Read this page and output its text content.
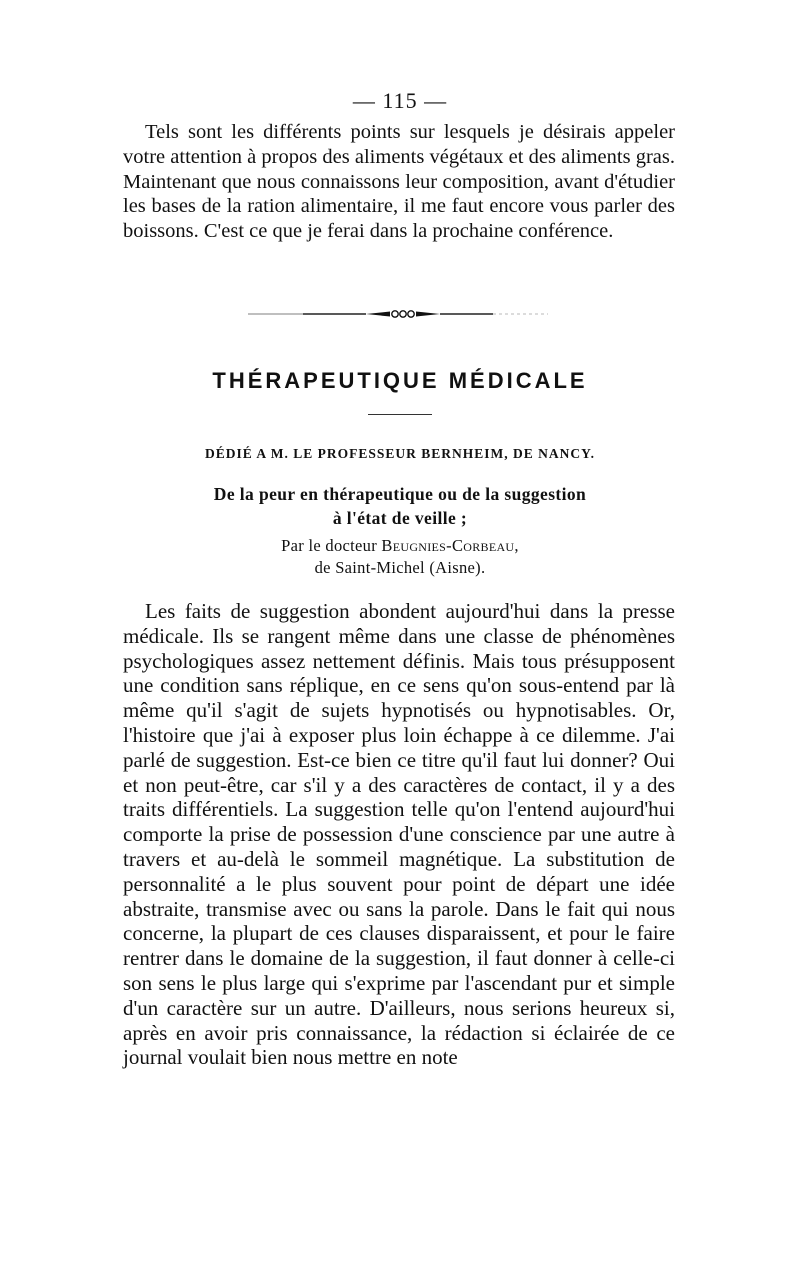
— 115 —

Tels sont les différents points sur lesquels je désirais appeler votre attention à propos des aliments végétaux et des aliments gras. Maintenant que nous connaissons leur composition, avant d'étudier les bases de la ration alimentaire, il me faut encore vous parler des boissons. C'est ce que je ferai dans la prochaine conférence.

THÉRAPEUTIQUE MÉDICALE
DÉDIÉ A M. LE PROFESSEUR BERNHEIM, DE NANCY.
De la peur en thérapeutique ou de la suggestion
à l'état de veille ;
Par le docteur Beugnies-Corbeau,
de Saint-Michel (Aisne).

Les faits de suggestion abondent aujourd'hui dans la presse médicale. Ils se rangent même dans une classe de phénomènes psychologiques assez nettement définis. Mais tous présupposent une condition sans réplique, en ce sens qu'on sous-entend par là même qu'il s'agit de sujets hypnotisés ou hypnotisables. Or, l'histoire que j'ai à exposer plus loin échappe à ce dilemme. J'ai parlé de suggestion. Est-ce bien ce titre qu'il faut lui donner? Oui et non peut-être, car s'il y a des caractères de contact, il y a des traits différentiels. La suggestion telle qu'on l'entend aujourd'hui comporte la prise de possession d'une conscience par une autre à travers et au-delà le sommeil magnétique. La substitution de personnalité a le plus souvent pour point de départ une idée abstraite, transmise avec ou sans la parole. Dans le fait qui nous concerne, la plupart de ces clauses disparaissent, et pour le faire rentrer dans le domaine de la suggestion, il faut donner à celle-ci son sens le plus large qui s'exprime par l'ascendant pur et simple d'un caractère sur un autre. D'ailleurs, nous serions heureux si, après en avoir pris connaissance, la rédaction si éclairée de ce journal voulait bien nous mettre en note
